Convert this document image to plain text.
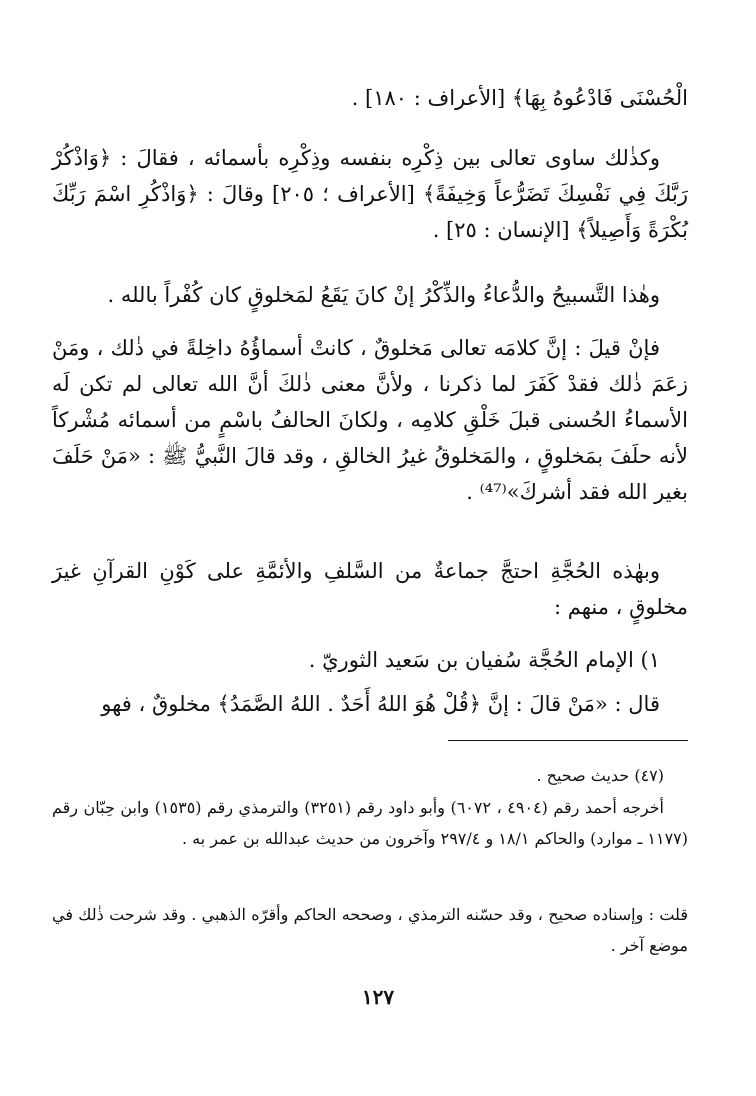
الْحُسْنَى فَادْعُوهُ بِهَا﴾ [الأعراف : ١٨٠] .

وكذٰلك ساوى تعالى بين ذِكْرِه بنفسه وذِكْرِه بأسمائه ، فقالَ : ﴿وَاذْكُرْ رَبَّكَ فِي نَفْسِكَ تَضَرُّعاً وَخِيفَةً﴾ [الأعراف ؛ ٢٠٥] وقالَ : ﴿وَاذْكُرِ اسْمَ رَبِّكَ بُكْرَةً وَأَصِيلاً﴾ [الإنسان : ٢٥] .

وهٰذا التَّسبيحُ والدُّعاءُ والذِّكْرُ إنْ كانَ يَقَعُ لمَخلوقٍ كان كُفْراً بالله .

فإنْ قيلَ : إنَّ كلامَه تعالى مَخلوقٌ ، كانتْ أسماؤُهُ داخِلةً في ذٰلك ، ومَنْ زعَمَ ذٰلك فقدْ كَفَرَ لما ذكرنا ، ولأنَّ معنى ذٰلكَ أنَّ الله تعالى لم تكن لَه الأسماءُ الحُسنى قبلَ خَلْقِ كلامِه ، ولكانَ الحالفُ باسْمٍ من أسمائه مُشْركاً لأنه حلَفَ بمَخلوقٍ ، والمَخلوقُ غيرُ الخالقِ ، وقد قالَ النَّبيُّ ﷺ : «مَنْ حَلَفَ بغير الله فقد أشركَ»⁽⁴⁷⁾ .

وبهٰذه الحُجَّةِ احتجَّ جماعةٌ من السَّلفِ والأئمَّةِ على كَوْنِ القرآنِ غيرَ مخلوقٍ ، منهم :

١) الإمام الحُجَّة سُفيان بن سَعيد الثوريّ .

قال : «مَنْ قالَ : إنَّ ﴿قُلْ هُوَ اللهُ أَحَدٌ . اللهُ الصَّمَدُ﴾ مخلوقٌ ، فهو

(٤٧) حديث صحيح .

أخرجه أحمد رقم (٤٩٠٤ ، ٦٠٧٢) وأبو داود رقم (٣٢٥١) والترمذي رقم (١٥٣٥) وابن حِبّان رقم (١١٧٧ ـ موارد) والحاكم ١٨/١ و ٢٩٧/٤ وآخرون من حديث عبدالله بن عمر به .

قلت : وإسناده صحيح ، وقد حسّنه الترمذي ، وصححه الحاكم وأقرّه الذهبي . وقد شرحت ذٰلك في موضع آخر .

١٢٧
